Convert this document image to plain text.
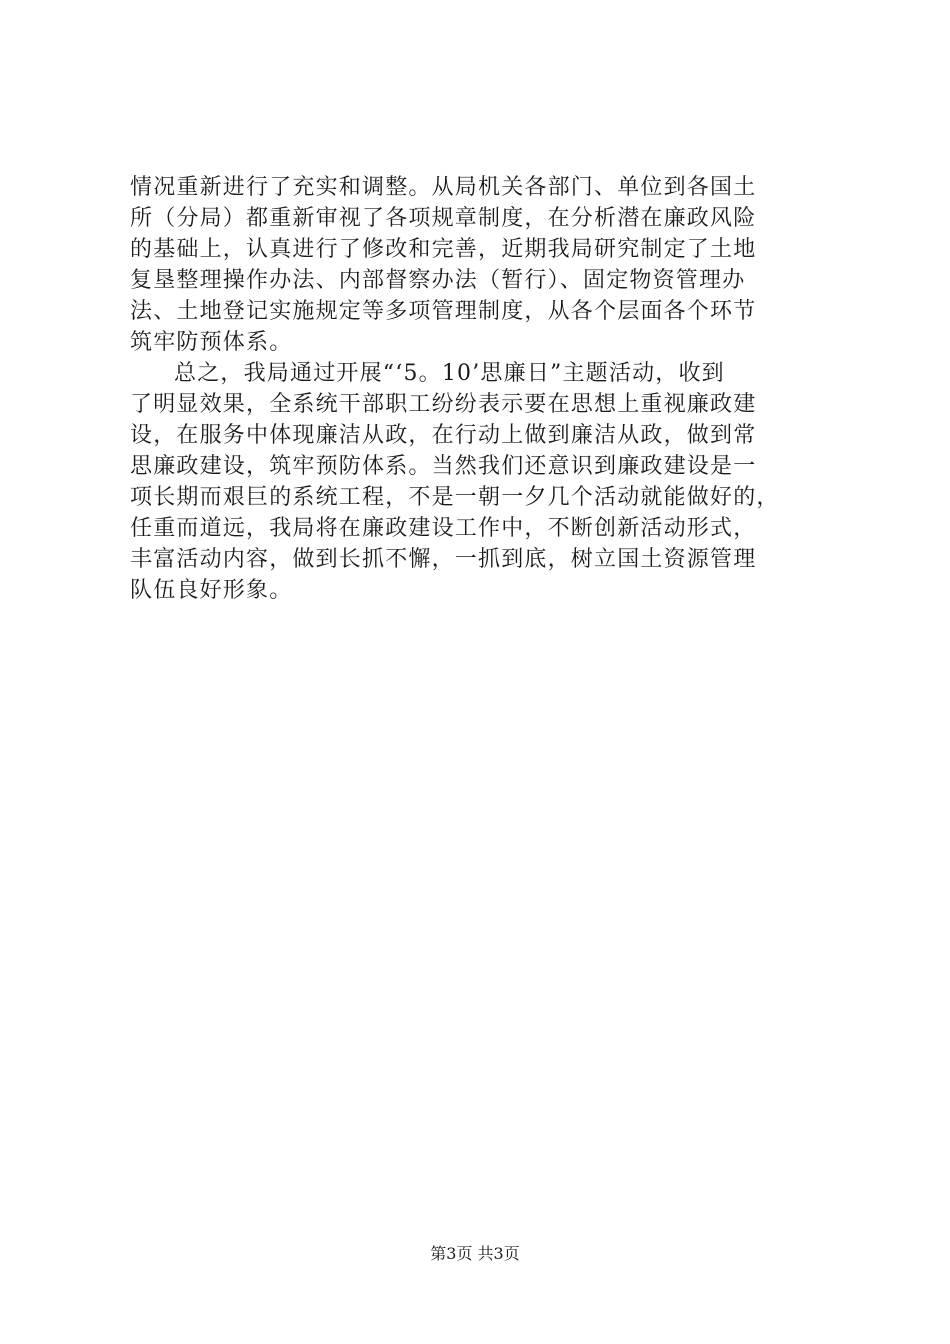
情况重新进行了充实和调整。从局机关各部门、单位到各国土
所（分局）都重新审视了各项规章制度，在分析潜在廉政风险
的基础上，认真进行了修改和完善，近期我局研究制定了土地
复垦整理操作办法、内部督察办法（暂行）、固定物资管理办
法、土地登记实施规定等多项管理制度，从各个层面各个环节
筑牢防预体系。
总之，我局通过开展“‘5。10’思廉日”主题活动，收到
了明显效果，全系统干部职工纷纷表示要在思想上重视廉政建
设，在服务中体现廉洁从政，在行动上做到廉洁从政，做到常
思廉政建设，筑牢预防体系。当然我们还意识到廉政建设是一
项长期而艰巨的系统工程，不是一朝一夕几个活动就能做好的，
任重而道远，我局将在廉政建设工作中，不断创新活动形式，
丰富活动内容，做到长抓不懈，一抓到底，树立国土资源管理
队伍良好形象。
第3页 共3页
